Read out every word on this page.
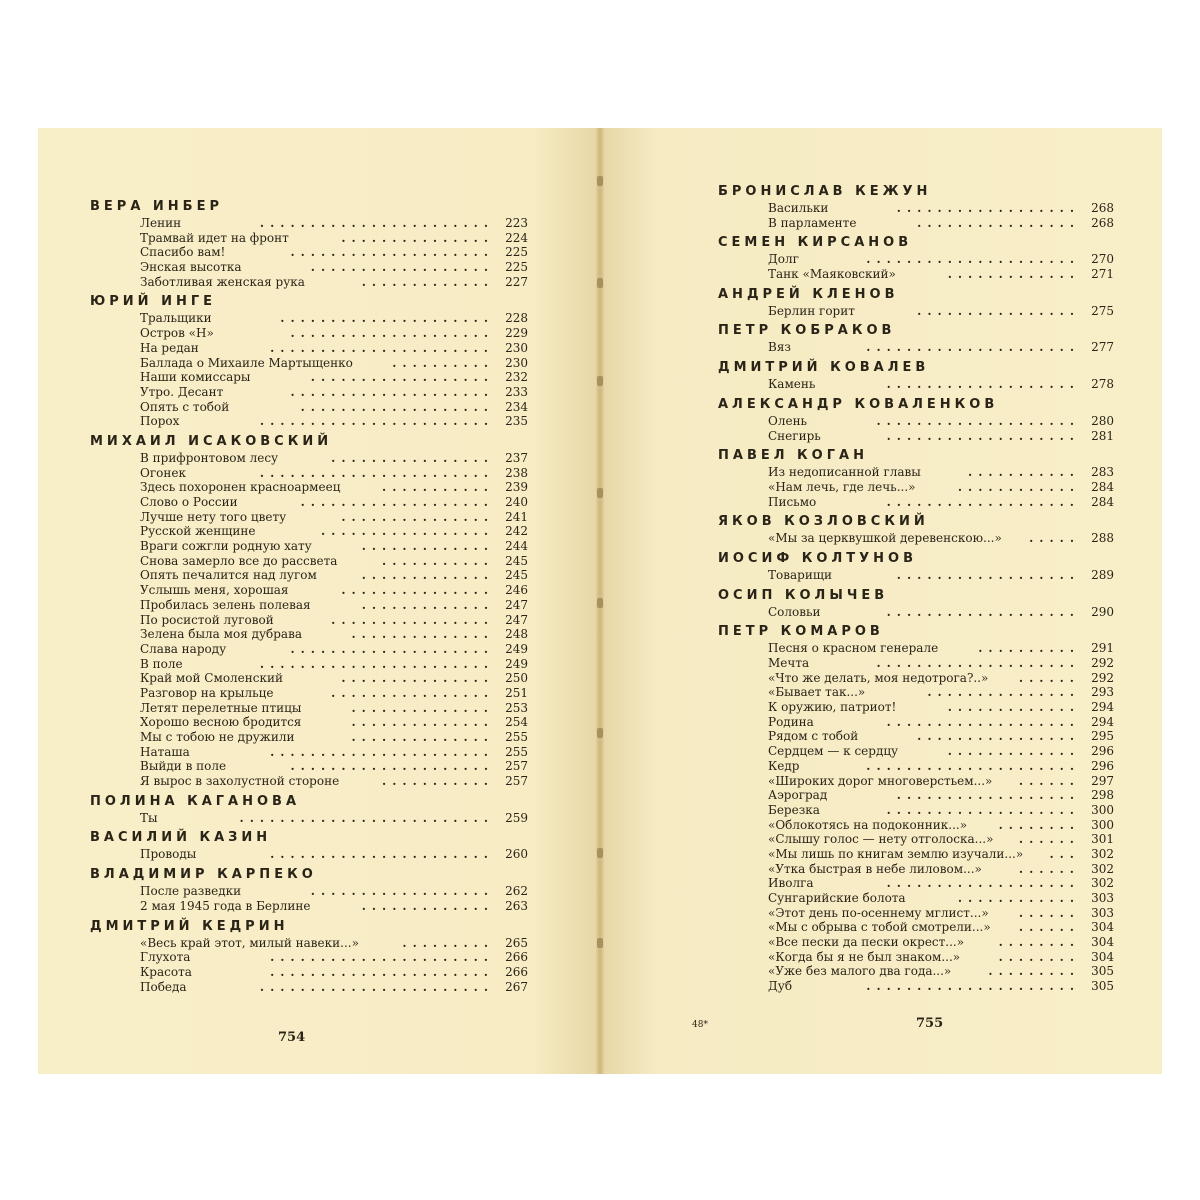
ВЕРА ИНБЕР
Ленин	....................... 223
Трамвай идет на фронт	............... 224
Спасибо вам!	.................... 225
Энская высотка	.................. 225
Заботливая женская рука	............. 227
ЮРИЙ ИНГЕ
Тральщики	..................... 228
Остров «Н»	.................... 229
На редан	...................... 230
Баллада о Михаиле Мартыщенко	.......... 230
Наши комиссары	.................. 232
Утро. Десант	.................... 233
Опять с тобой	................... 234
Порох	....................... 235
МИХАИЛ ИСАКОВСКИЙ
В прифронтовом лесу	................ 237
Огонек	....................... 238
Здесь похоронен красноармеец	........... 239
Слово о России	................... 240
Лучше нету того цвету	............... 241
Русской женщине	................. 242
Враги сожгли родную хату	............. 244
Снова замерло все до рассвета	........... 245
Опять печалится над лугом	............. 245
Услышь меня, хорошая	............... 246
Пробилась зелень полевая	............. 247
По росистой луговой	................ 247
Зелена была моя дубрава	.............. 248
Слава народу	.................... 249
В поле	....................... 249
Край мой Смоленский	............... 250
Разговор на крыльце	................ 251
Летят перелетные птицы	.............. 253
Хорошо весною бродится	.............. 254
Мы с тобою не дружили	.............. 255
Наташа	...................... 255
Выйди в поле	.................... 257
Я вырос в захолустной стороне	........... 257
ПОЛИНА КАГАНОВА
Ты	......................... 259
ВАСИЛИЙ КАЗИН
Проводы	...................... 260
ВЛАДИМИР КАРПЕКО
После разведки	.................. 262
2 мая 1945 года в Берлине	............. 263
ДМИТРИЙ КЕДРИН
«Весь край этот, милый навеки...»	......... 265
Глухота	...................... 266
Красота	...................... 266
Победа	....................... 267
754
БРОНИСЛАВ КЕЖУН
Васильки	.................. 268
В парламенте	................ 268
СЕМЕН КИРСАНОВ
Долг	..................... 270
Танк «Маяковский»	............. 271
АНДРЕЙ КЛЕНОВ
Берлин горит	................ 275
ПЕТР КОБРАКОВ
Вяз	..................... 277
ДМИТРИЙ КОВАЛЕВ
Камень	................... 278
АЛЕКСАНДР КОВАЛЕНКОВ
Олень	.................... 280
Снегирь	................... 281
ПАВЕЛ КОГАН
Из недописанной главы	........... 283
«Нам лечь, где лечь...»	............ 284
Письмо	................... 284
ЯКОВ КОЗЛОВСКИЙ
«Мы за церквушкой деревенскою...» ..... 288
ИОСИФ КОЛТУНОВ
Товарищи	.................. 289
ОСИП КОЛЫЧЕВ
Соловьи	................... 290
ПЕТР КОМАРОВ
Песня о красном генерале	.......... 291
Мечта	.................... 292
«Что же делать, моя недотрога?..»	...... 292
«Бывает так...»	............... 293
К оружию, патриот!	............. 294
Родина	................... 294
Рядом с тобой	................ 295
Сердцем — к сердцу	............. 296
Кедр	..................... 296
«Широких дорог многоверстьем...» ...... 297
Аэроград	.................. 298
Березка	................... 300
«Облокотясь на подоконник...»	........ 300
«Слышу голос — нету отголоска...» ...... 301
«Мы лишь по книгам землю изучали...» ... 302
«Утка быстрая в небе лиловом...»	...... 302
Иволга	................... 302
Сунгарийские болота	............ 303
«Этот день по-осеннему мглист...»	...... 303
«Мы с обрыва с тобой смотрели...» ...... 304
«Все пески да пески окрест...»	........ 304
«Когда бы я не был знаком...»	........ 304
«Уже без малого два года...»	......... 305
Дуб	..................... 305
48*	755
